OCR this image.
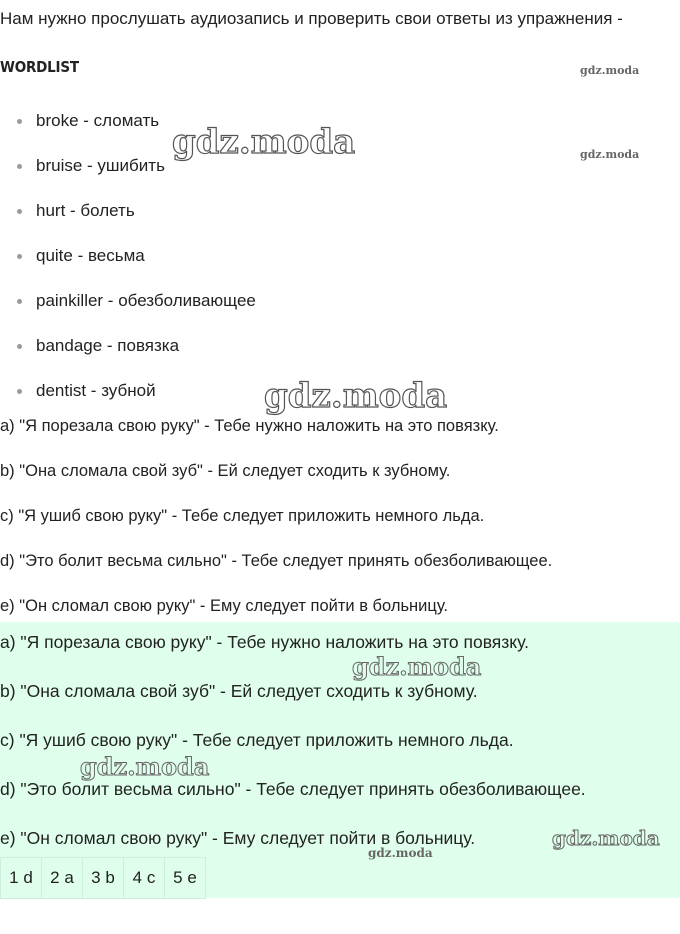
Нам нужно прослушать аудиозапись и проверить свои ответы из упражнения -

WORDLIST

broke - сломать
bruise - ушибить
hurt - болеть
quite - весьма
painkiller - обезболивающее
bandage - повязка
dentist - зубной

a) "Я порезала свою руку" - Тебе нужно наложить на это повязку.

b) "Она сломала свой зуб" - Ей следует сходить к зубному.

c) "Я ушиб свою руку" - Тебе следует приложить немного льда.

d) "Это болит весьма сильно" - Тебе следует принять обезболивающее.

e) "Он сломал свою руку" - Ему следует пойти в больницу.

a) "Я порезала свою руку" - Тебе нужно наложить на это повязку.

b) "Она сломала свой зуб" - Ей следует сходить к зубному.

c) "Я ушиб свою руку" - Тебе следует приложить немного льда.

d) "Это болит весьма сильно" - Тебе следует принять обезболивающее.

e) "Он сломал свою руку" - Ему следует пойти в больницу.

1 d	2 a	3 b	4 c	5 e
gdz.moda
gdz.moda	gdz.moda
gdz.moda
gdz.moda
gdz.moda
gdz.moda
gdz.moda
